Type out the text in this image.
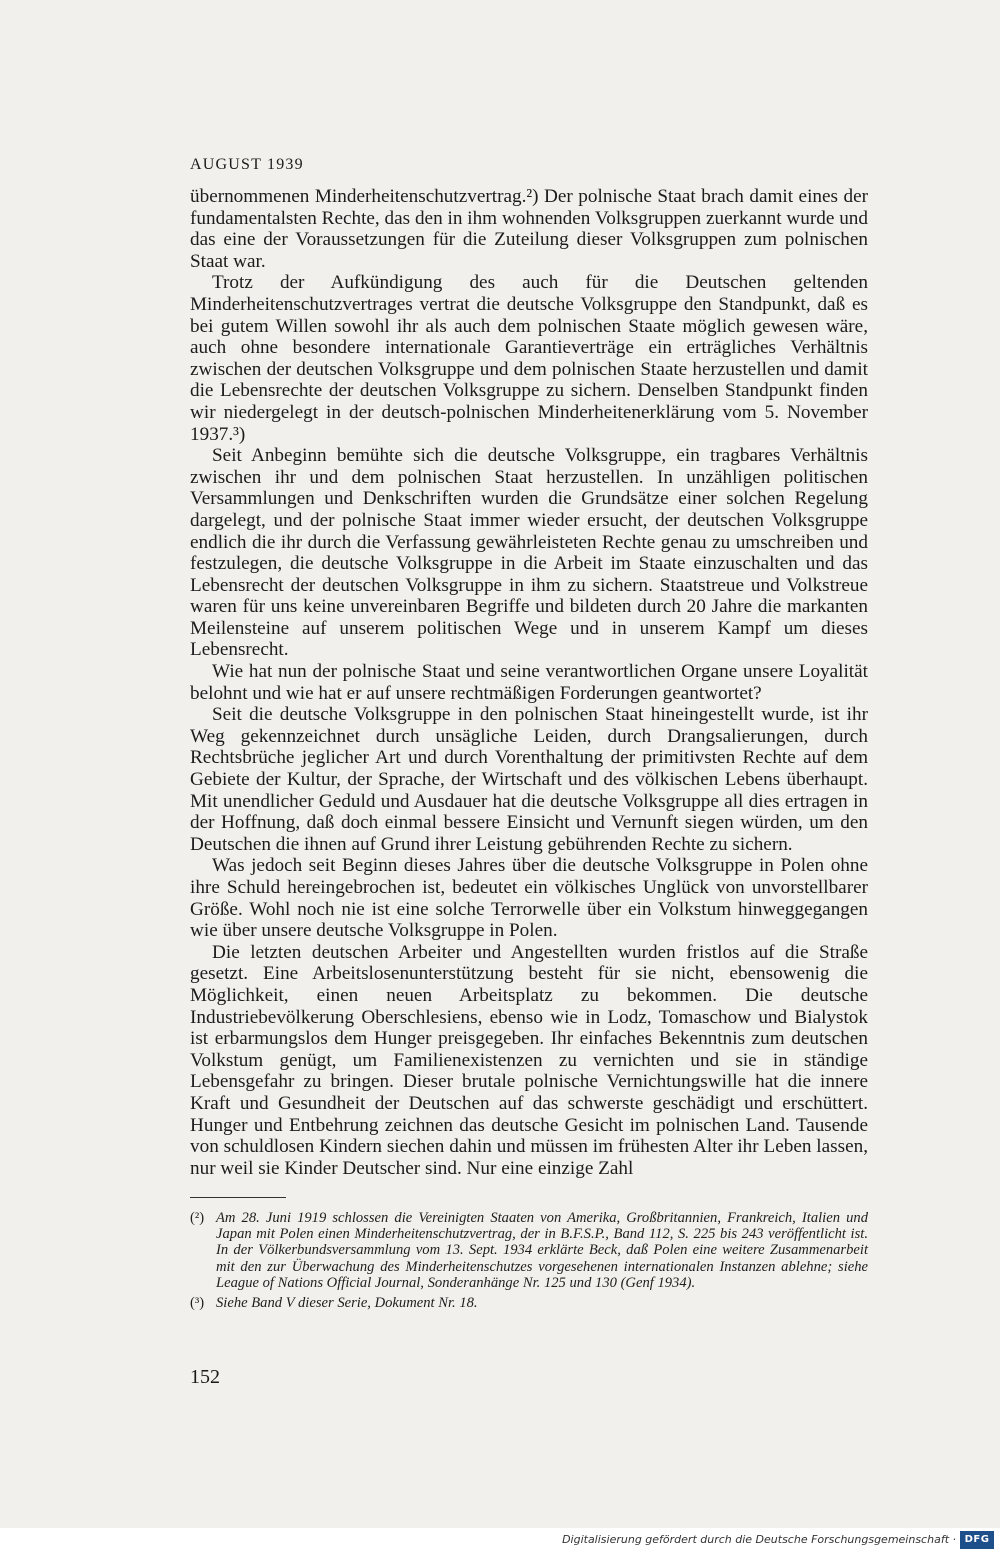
AUGUST 1939

übernommenen Minderheitenschutzvertrag.²) Der polnische Staat brach damit eines der fundamentalsten Rechte, das den in ihm wohnenden Volksgruppen zuerkannt wurde und das eine der Voraussetzungen für die Zuteilung dieser Volksgruppen zum polnischen Staat war.

Trotz der Aufkündigung des auch für die Deutschen geltenden Minderheitenschutzvertrages vertrat die deutsche Volksgruppe den Standpunkt, daß es bei gutem Willen sowohl ihr als auch dem polnischen Staate möglich gewesen wäre, auch ohne besondere internationale Garantieverträge ein erträgliches Verhältnis zwischen der deutschen Volksgruppe und dem polnischen Staate herzustellen und damit die Lebensrechte der deutschen Volksgruppe zu sichern. Denselben Standpunkt finden wir niedergelegt in der deutsch-polnischen Minderheitenerklärung vom 5. November 1937.³)

Seit Anbeginn bemühte sich die deutsche Volksgruppe, ein tragbares Verhältnis zwischen ihr und dem polnischen Staat herzustellen. In unzähligen politischen Versammlungen und Denkschriften wurden die Grundsätze einer solchen Regelung dargelegt, und der polnische Staat immer wieder ersucht, der deutschen Volksgruppe endlich die ihr durch die Verfassung gewährleisteten Rechte genau zu umschreiben und festzulegen, die deutsche Volksgruppe in die Arbeit im Staate einzuschalten und das Lebensrecht der deutschen Volksgruppe in ihm zu sichern. Staatstreue und Volkstreue waren für uns keine unvereinbaren Begriffe und bildeten durch 20 Jahre die markanten Meilensteine auf unserem politischen Wege und in unserem Kampf um dieses Lebensrecht.

Wie hat nun der polnische Staat und seine verantwortlichen Organe unsere Loyalität belohnt und wie hat er auf unsere rechtmäßigen Forderungen geantwortet?

Seit die deutsche Volksgruppe in den polnischen Staat hineingestellt wurde, ist ihr Weg gekennzeichnet durch unsägliche Leiden, durch Drangsalierungen, durch Rechtsbrüche jeglicher Art und durch Vorenthaltung der primitivsten Rechte auf dem Gebiete der Kultur, der Sprache, der Wirtschaft und des völkischen Lebens überhaupt. Mit unendlicher Geduld und Ausdauer hat die deutsche Volksgruppe all dies ertragen in der Hoffnung, daß doch einmal bessere Einsicht und Vernunft siegen würden, um den Deutschen die ihnen auf Grund ihrer Leistung gebührenden Rechte zu sichern.

Was jedoch seit Beginn dieses Jahres über die deutsche Volksgruppe in Polen ohne ihre Schuld hereingebrochen ist, bedeutet ein völkisches Unglück von unvorstellbarer Größe. Wohl noch nie ist eine solche Terrorwelle über ein Volkstum hinweggegangen wie über unsere deutsche Volksgruppe in Polen.

Die letzten deutschen Arbeiter und Angestellten wurden fristlos auf die Straße gesetzt. Eine Arbeitslosenunterstützung besteht für sie nicht, ebensowenig die Möglichkeit, einen neuen Arbeitsplatz zu bekommen. Die deutsche Industriebevölkerung Oberschlesiens, ebenso wie in Lodz, Tomaschow und Bialystok ist erbarmungslos dem Hunger preisgegeben. Ihr einfaches Bekenntnis zum deutschen Volkstum genügt, um Familienexistenzen zu vernichten und sie in ständige Lebensgefahr zu bringen. Dieser brutale polnische Vernichtungswille hat die innere Kraft und Gesundheit der Deutschen auf das schwerste geschädigt und erschüttert. Hunger und Entbehrung zeichnen das deutsche Gesicht im polnischen Land. Tausende von schuldlosen Kindern siechen dahin und müssen im frühesten Alter ihr Leben lassen, nur weil sie Kinder Deutscher sind. Nur eine einzige Zahl

(²) Am 28. Juni 1919 schlossen die Vereinigten Staaten von Amerika, Großbritannien, Frankreich, Italien und Japan mit Polen einen Minderheitenschutzvertrag, der in B.F.S.P., Band 112, S. 225 bis 243 veröffentlicht ist. In der Völkerbundsversammlung vom 13. Sept. 1934 erklärte Beck, daß Polen eine weitere Zusammenarbeit mit den zur Überwachung des Minderheitenschutzes vorgesehenen internationalen Instanzen ablehne; siehe League of Nations Official Journal, Sonderanhänge Nr. 125 und 130 (Genf 1934).
(³) Siehe Band V dieser Serie, Dokument Nr. 18.
152
Digitalisierung gefördert durch die Deutsche Forschungsgemeinschaft · DFG
